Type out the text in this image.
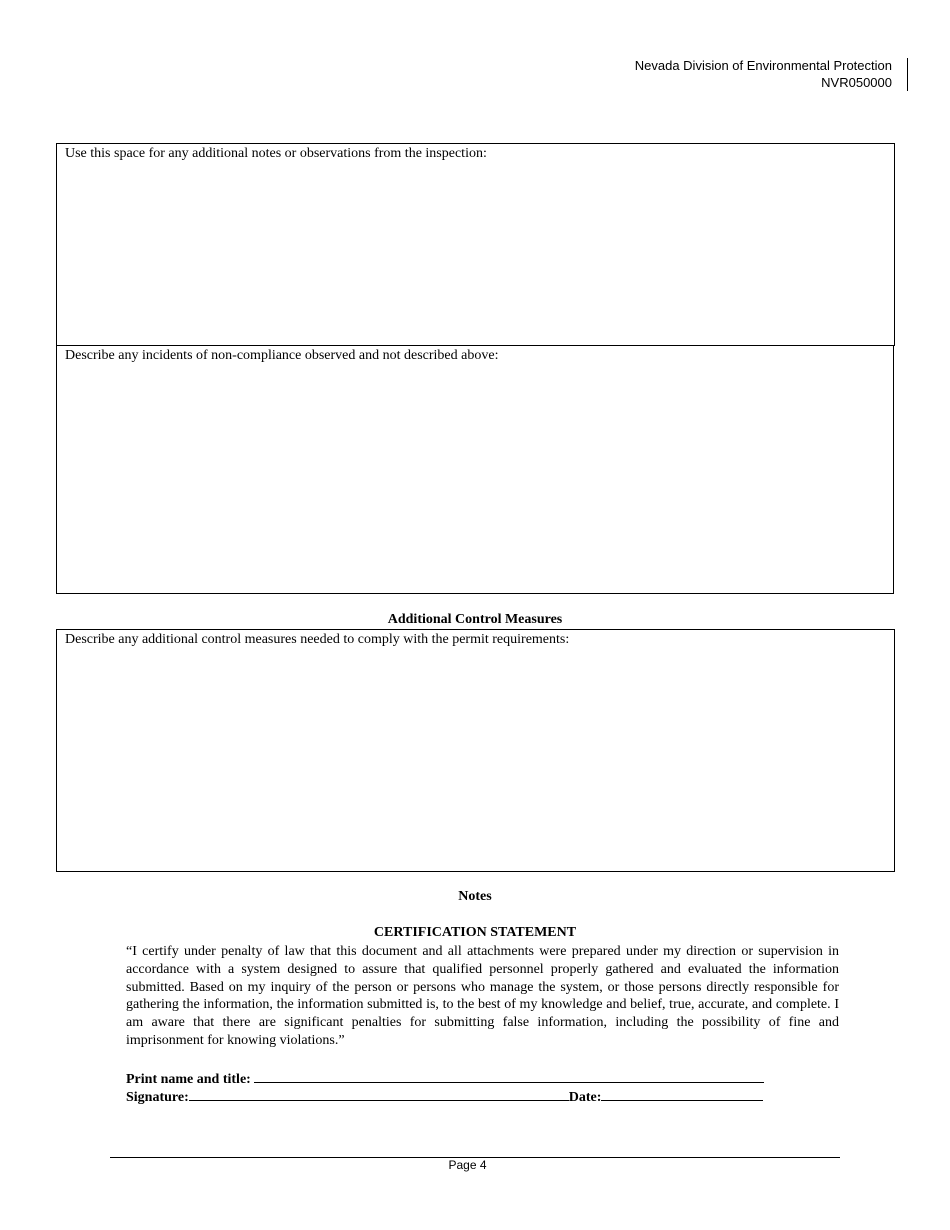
Nevada Division of Environmental Protection
NVR050000
Use this space for any additional notes or observations from the inspection:
Describe any incidents of non-compliance observed and not described above:
Additional Control Measures
Describe any additional control measures needed to comply with the permit requirements:
Notes
CERTIFICATION STATEMENT
“I certify under penalty of law that this document and all attachments were prepared under my direction or supervision in accordance with a system designed to assure that qualified personnel properly gathered and evaluated the information submitted. Based on my inquiry of the person or persons who manage the system, or those persons directly responsible for gathering the information, the information submitted is, to the best of my knowledge and belief, true, accurate, and complete. I am aware that there are significant penalties for submitting false information, including the possibility of fine and imprisonment for knowing violations.”
Print name and title:
Signature:	Date:
Page 4
